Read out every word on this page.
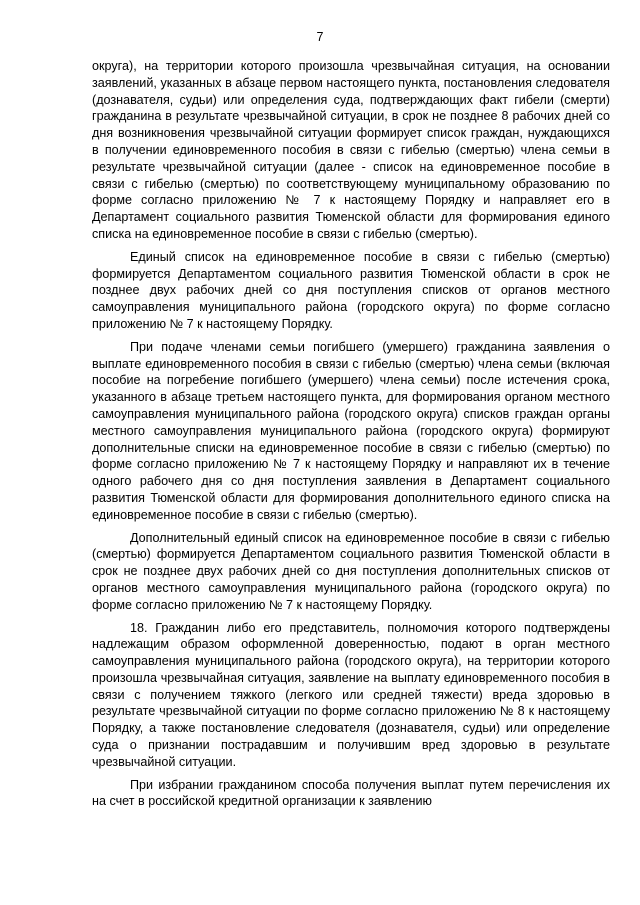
7

округа), на территории которого произошла чрезвычайная ситуация, на основании заявлений, указанных в абзаце первом настоящего пункта, постановления следователя (дознавателя, судьи) или определения суда, подтверждающих факт гибели (смерти) гражданина в результате чрезвычайной ситуации, в срок не позднее 8 рабочих дней со дня возникновения чрезвычайной ситуации формирует список граждан, нуждающихся в получении единовременного пособия в связи с гибелью (смертью) члена семьи в результате чрезвычайной ситуации (далее - список на единовременное пособие в связи с гибелью (смертью) по соответствующему муниципальному образованию по форме согласно приложению № 7 к настоящему Порядку и направляет его в Департамент социального развития Тюменской области для формирования единого списка на единовременное пособие в связи с гибелью (смертью).

Единый список на единовременное пособие в связи с гибелью (смертью) формируется Департаментом социального развития Тюменской области в срок не позднее двух рабочих дней со дня поступления списков от органов местного самоуправления муниципального района (городского округа) по форме согласно приложению № 7 к настоящему Порядку.

При подаче членами семьи погибшего (умершего) гражданина заявления о выплате единовременного пособия в связи с гибелью (смертью) члена семьи (включая пособие на погребение погибшего (умершего) члена семьи) после истечения срока, указанного в абзаце третьем настоящего пункта, для формирования органом местного самоуправления муниципального района (городского округа) списков граждан органы местного самоуправления муниципального района (городского округа) формируют дополнительные списки на единовременное пособие в связи с гибелью (смертью) по форме согласно приложению № 7 к настоящему Порядку и направляют их в течение одного рабочего дня со дня поступления заявления в Департамент социального развития Тюменской области для формирования дополнительного единого списка на единовременное пособие в связи с гибелью (смертью).

Дополнительный единый список на единовременное пособие в связи с гибелью (смертью) формируется Департаментом социального развития Тюменской области в срок не позднее двух рабочих дней со дня поступления дополнительных списков от органов местного самоуправления муниципального района (городского округа) по форме согласно приложению № 7 к настоящему Порядку.

18. Гражданин либо его представитель, полномочия которого подтверждены надлежащим образом оформленной доверенностью, подают в орган местного самоуправления муниципального района (городского округа), на территории которого произошла чрезвычайная ситуация, заявление на выплату единовременного пособия в связи с получением тяжкого (легкого или средней тяжести) вреда здоровью в результате чрезвычайной ситуации по форме согласно приложению № 8 к настоящему Порядку, а также постановление следователя (дознавателя, судьи) или определение суда о признании пострадавшим и получившим вред здоровью в результате чрезвычайной ситуации.

При избрании гражданином способа получения выплат путем перечисления их на счет в российской кредитной организации к заявлению
